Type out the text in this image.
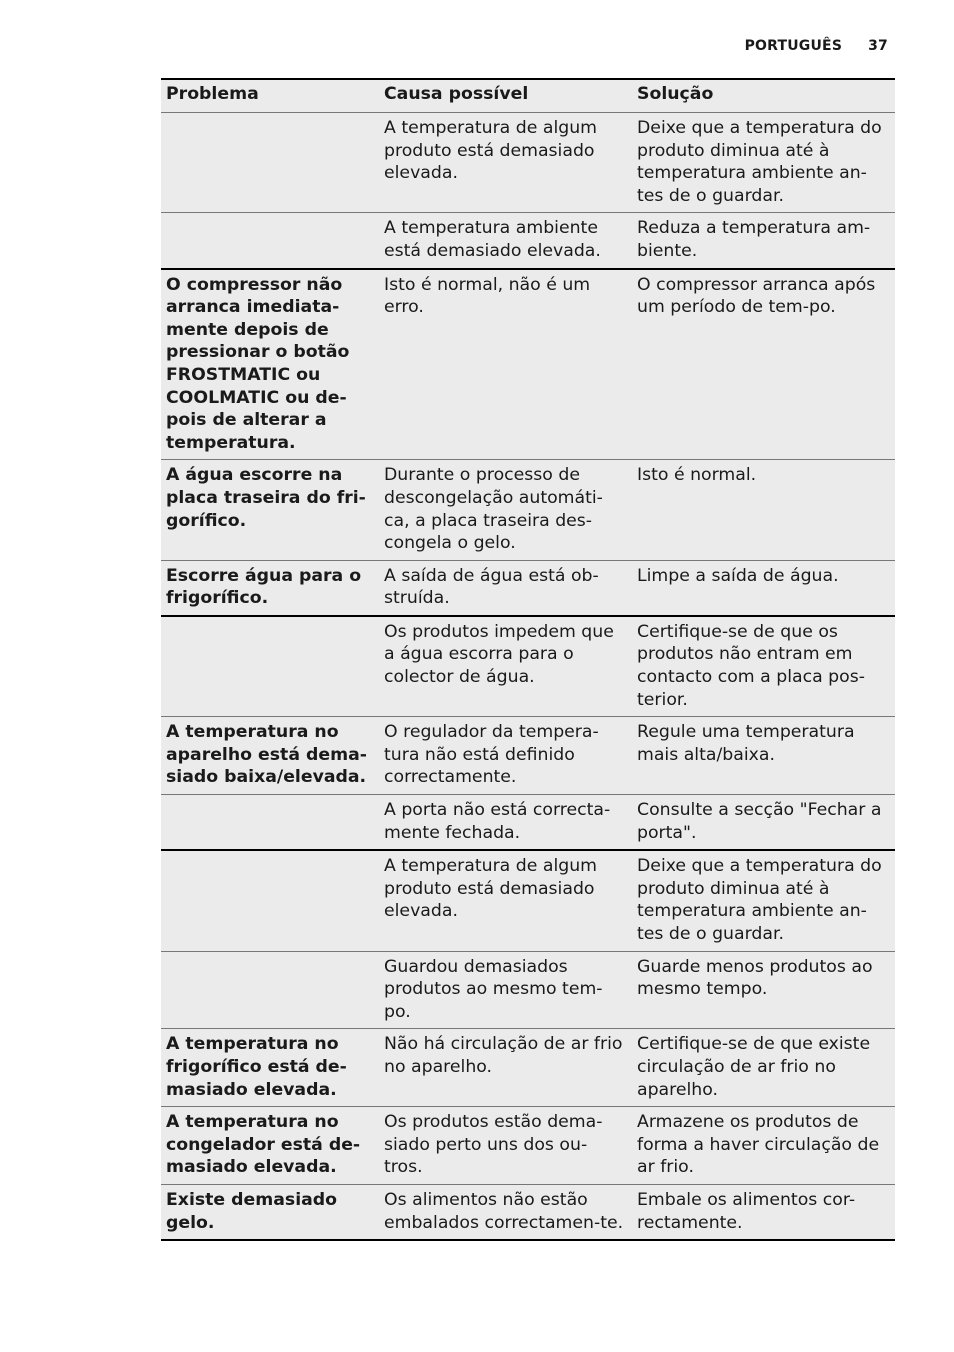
PORTUGUÊS 37
Problema	Causa possível	Solução
	A temperatura de algum produto está demasiado elevada.	Deixe que a temperatura do produto diminua até à temperatura ambiente an-tes de o guardar.
	A temperatura ambiente está demasiado elevada.	Reduza a temperatura am-biente.
O compressor não arranca imediata-mente depois de pressionar o botão FROSTMATIC ou COOLMATIC ou de-pois de alterar a temperatura.	Isto é normal, não é um erro.	O compressor arranca após um período de tem-po.
A água escorre na placa traseira do fri-gorífico.	Durante o processo de descongelação automáti-ca, a placa traseira des-congela o gelo.	Isto é normal.
Escorre água para o frigorífico.	A saída de água está ob-struída.	Limpe a saída de água.
	Os produtos impedem que a água escorra para o colector de água.	Certifique-se de que os produtos não entram em contacto com a placa pos-terior.
A temperatura no aparelho está dema-siado baixa/elevada.	O regulador da tempera-tura não está definido correctamente.	Regule uma temperatura mais alta/baixa.
	A porta não está correcta-mente fechada.	Consulte a secção "Fechar a porta".
	A temperatura de algum produto está demasiado elevada.	Deixe que a temperatura do produto diminua até à temperatura ambiente an-tes de o guardar.
	Guardou demasiados produtos ao mesmo tem-po.	Guarde menos produtos ao mesmo tempo.
A temperatura no frigorífico está de-masiado elevada.	Não há circulação de ar frio no aparelho.	Certifique-se de que existe circulação de ar frio no aparelho.
A temperatura no congelador está de-masiado elevada.	Os produtos estão dema-siado perto uns dos ou-tros.	Armazene os produtos de forma a haver circulação de ar frio.
Existe demasiado gelo.	Os alimentos não estão embalados correctamen-te.	Embale os alimentos cor-rectamente.
